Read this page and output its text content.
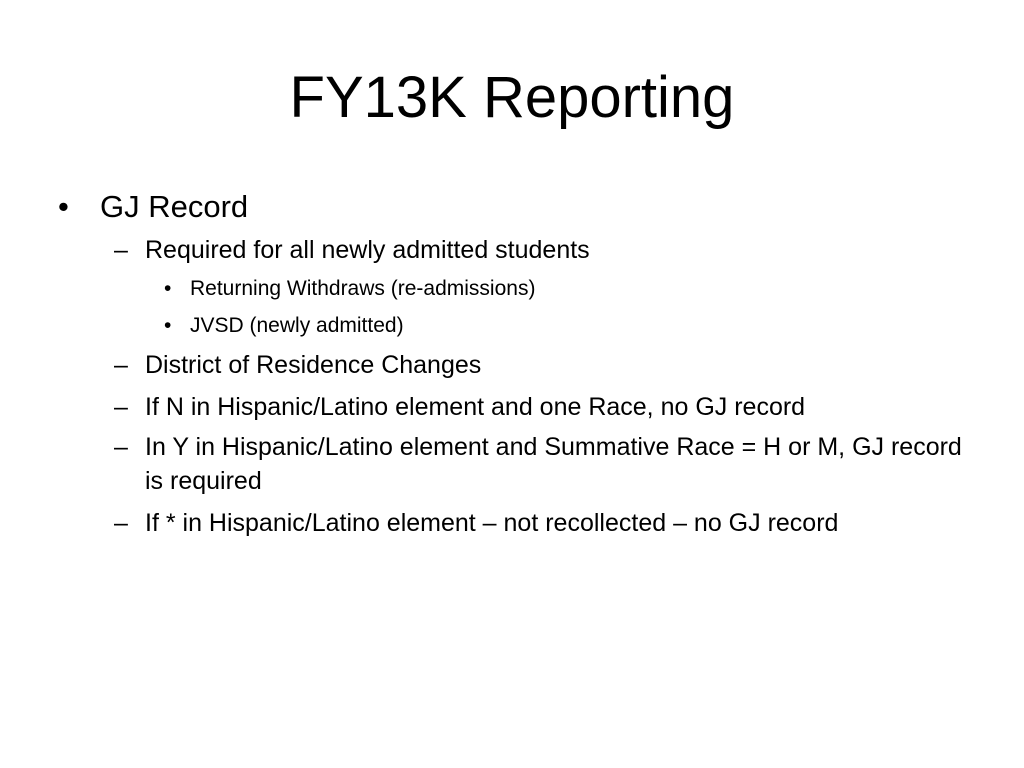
FY13K Reporting
• GJ Record
– Required for all newly admitted students
• Returning Withdraws (re-admissions)
• JVSD (newly admitted)
– District of Residence Changes
– If N in Hispanic/Latino element and one Race, no GJ record
– In Y in Hispanic/Latino element and Summative Race = H or M, GJ record is required
– If * in Hispanic/Latino element – not recollected – no GJ record
